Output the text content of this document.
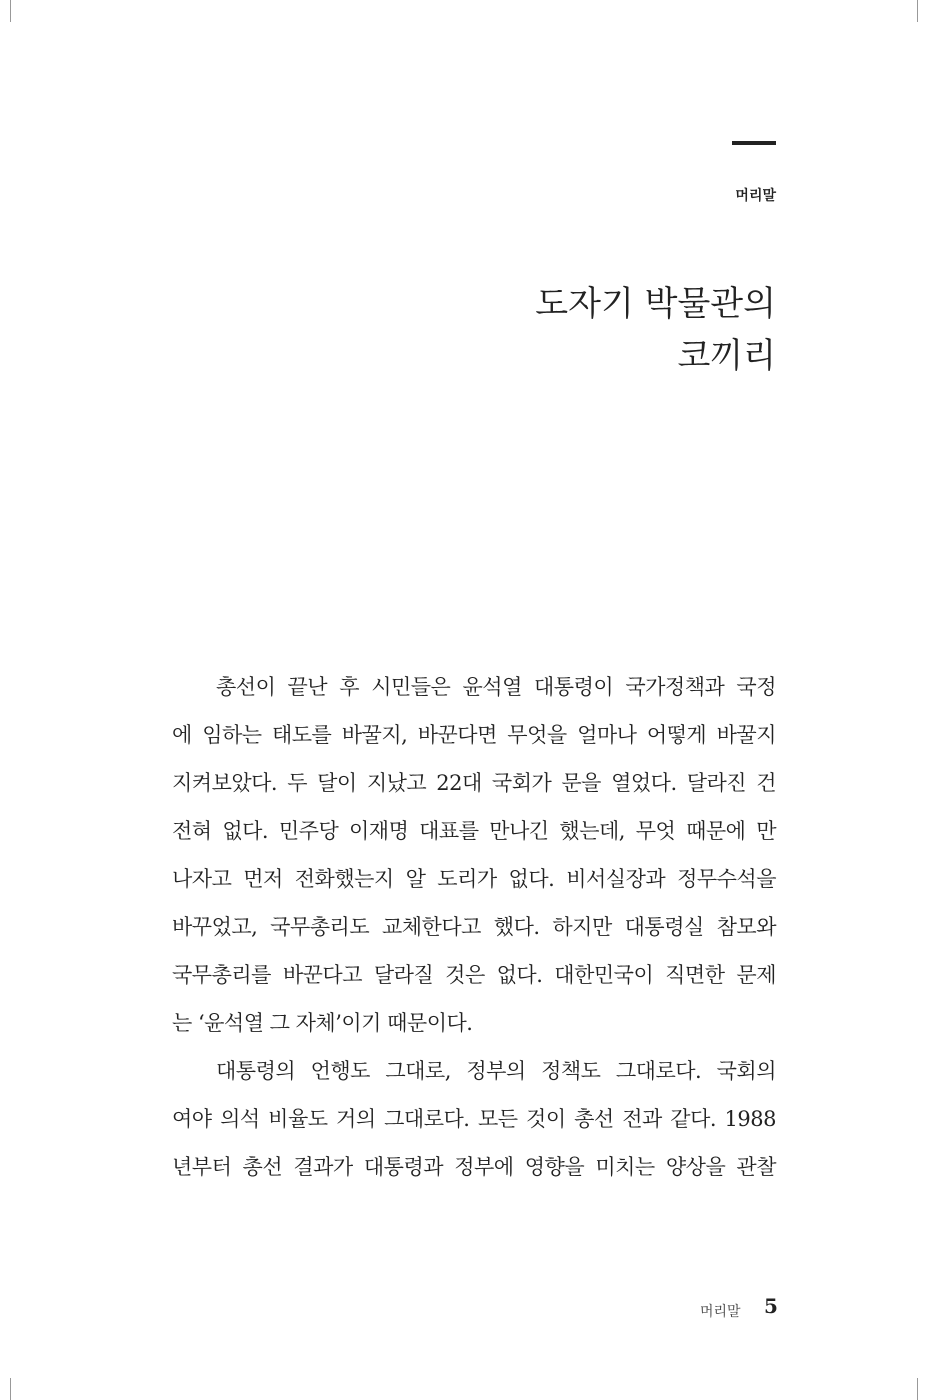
머리말
도자기 박물관의
코끼리
총선이 끝난 후 시민들은 윤석열 대통령이 국가정책과 국정
에 임하는 태도를 바꿀지, 바꾼다면 무엇을 얼마나 어떻게 바꿀지
지켜보았다. 두 달이 지났고 22대 국회가 문을 열었다. 달라진 건
전혀 없다. 민주당 이재명 대표를 만나긴 했는데, 무엇 때문에 만
나자고 먼저 전화했는지 알 도리가 없다. 비서실장과 정무수석을
바꾸었고, 국무총리도 교체한다고 했다. 하지만 대통령실 참모와
국무총리를 바꾼다고 달라질 것은 없다. 대한민국이 직면한 문제
는 ‘윤석열 그 자체’이기 때문이다.
대통령의 언행도 그대로, 정부의 정책도 그대로다. 국회의
여야 의석 비율도 거의 그대로다. 모든 것이 총선 전과 같다. 1988
년부터 총선 결과가 대통령과 정부에 영향을 미치는 양상을 관찰
머리말 5
